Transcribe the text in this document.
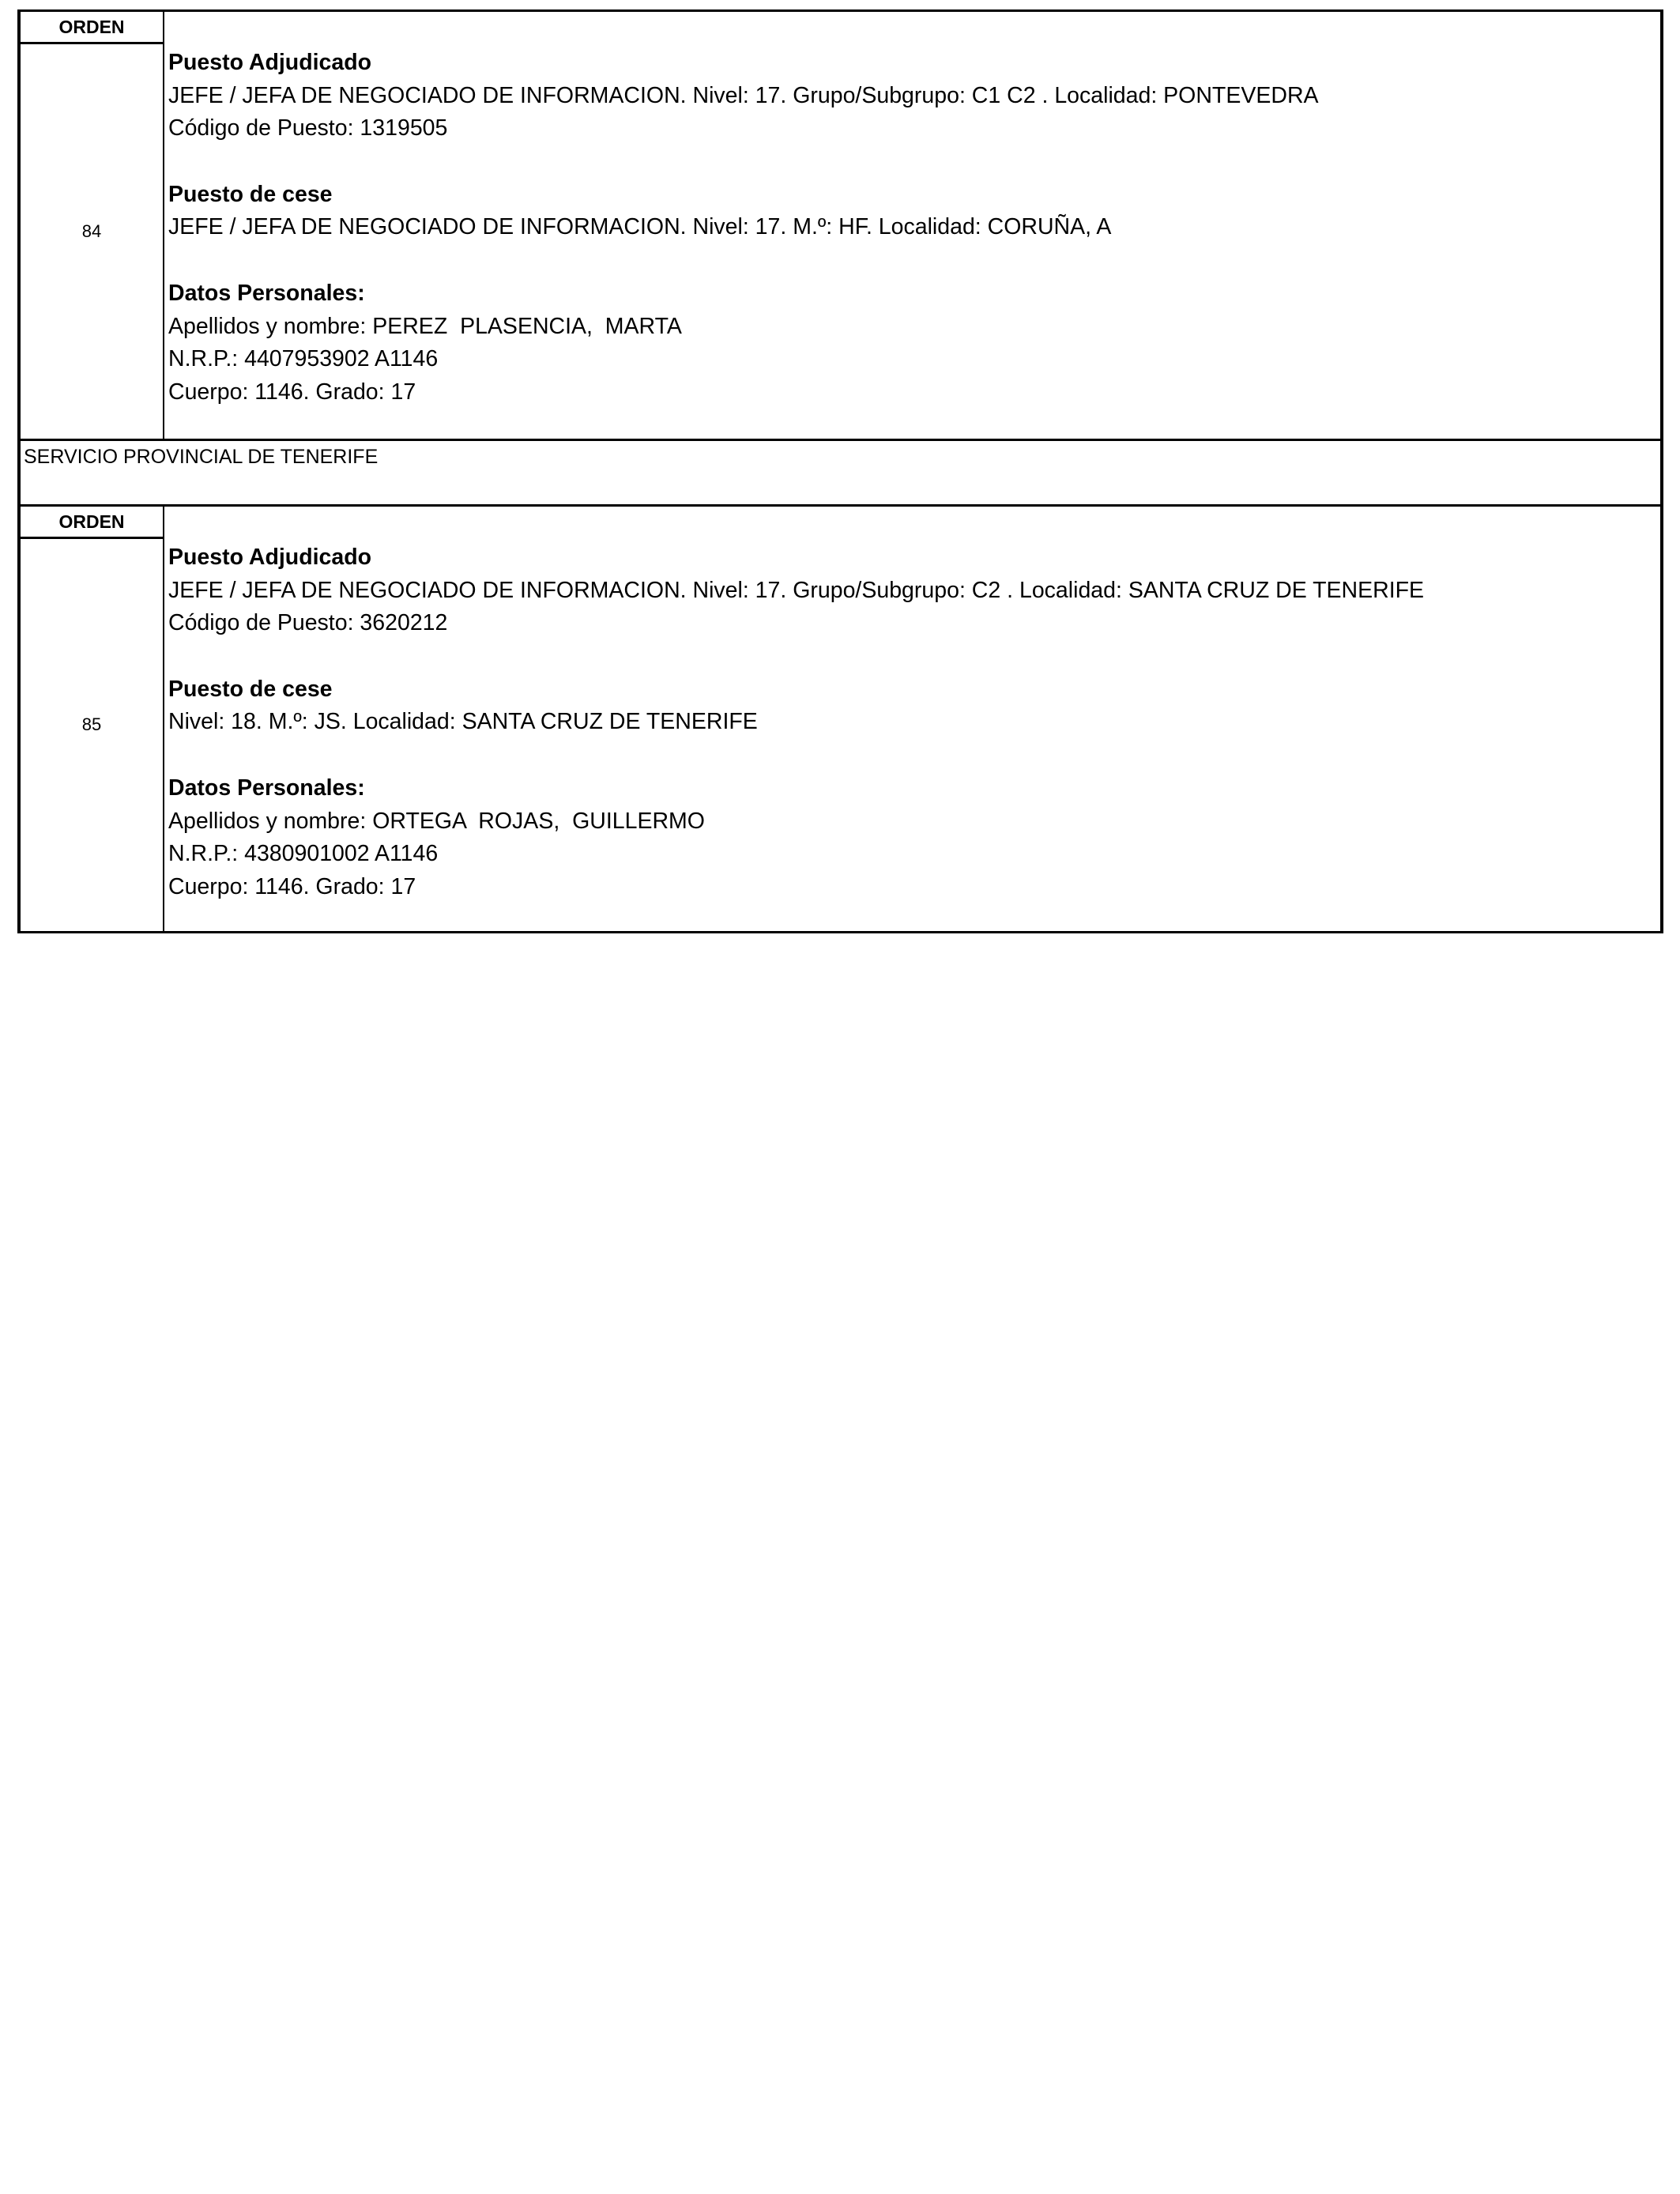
ORDEN
84
Puesto Adjudicado
JEFE / JEFA DE NEGOCIADO DE INFORMACION. Nivel: 17. Grupo/Subgrupo: C1 C2 . Localidad: PONTEVEDRA
Código de Puesto: 1319505
Puesto de cese
JEFE / JEFA DE NEGOCIADO DE INFORMACION. Nivel: 17. M.º: HF. Localidad: CORUÑA, A
Datos Personales:
Apellidos y nombre: PEREZ  PLASENCIA,  MARTA
N.R.P.: 4407953902 A1146
Cuerpo: 1146. Grado: 17
SERVICIO PROVINCIAL DE TENERIFE
ORDEN
85
Puesto Adjudicado
JEFE / JEFA DE NEGOCIADO DE INFORMACION. Nivel: 17. Grupo/Subgrupo: C2 . Localidad: SANTA CRUZ DE TENERIFE
Código de Puesto: 3620212
Puesto de cese
Nivel: 18. M.º: JS. Localidad: SANTA CRUZ DE TENERIFE
Datos Personales:
Apellidos y nombre: ORTEGA  ROJAS,  GUILLERMO
N.R.P.: 4380901002 A1146
Cuerpo: 1146. Grado: 17
